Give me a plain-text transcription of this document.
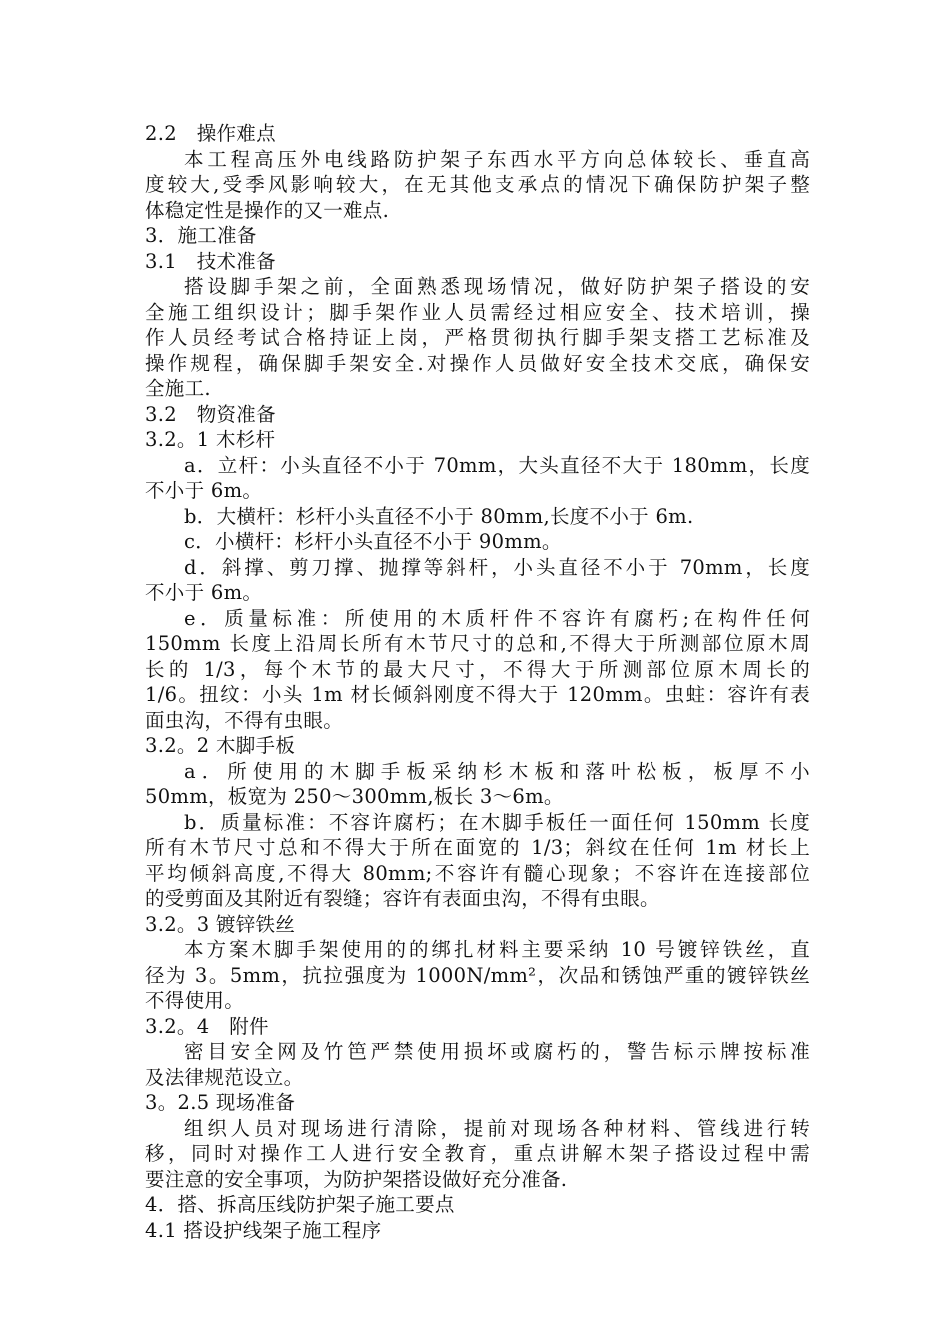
2.2　操作难点
本工程高压外电线路防护架子东西水平方向总体较长、垂直高
度较大,受季风影响较大，在无其他支承点的情况下确保防护架子整
体稳定性是操作的又一难点.
3．施工准备
3.1　技术准备
搭设脚手架之前，全面熟悉现场情况，做好防护架子搭设的安
全施工组织设计；脚手架作业人员需经过相应安全、技术培训，操
作人员经考试合格持证上岗，严格贯彻执行脚手架支搭工艺标准及
操作规程，确保脚手架安全.对操作人员做好安全技术交底，确保安
全施工.
3.2　物资准备
3.2。1 木杉杆
a．立杆：小头直径不小于 70mm，大头直径不大于 180mm，长度
不小于 6m。
b．大横杆：杉杆小头直径不小于 80mm,长度不小于 6m.
c．小横杆：杉杆小头直径不小于 90mm。
d．斜撑、剪刀撑、抛撑等斜杆，小头直径不小于 70mm，长度
不小于 6m。
e．质量标准：所使用的木质杆件不容许有腐朽;在构件任何
150mm 长度上沿周长所有木节尺寸的总和,不得大于所测部位原木周
长的 1/3，每个木节的最大尺寸，不得大于所测部位原木周长的
1/6。扭纹：小头 1m 材长倾斜刚度不得大于 120mm。虫蛀：容许有表
面虫沟，不得有虫眼。
3.2。2 木脚手板
a．所使用的木脚手板采纳杉木板和落叶松板，板厚不小
50mm，板宽为 250～300mm,板长 3～6m。
b．质量标准：不容许腐朽；在木脚手板任一面任何 150mm 长度
所有木节尺寸总和不得大于所在面宽的 1/3；斜纹在任何 1m 材长上
平均倾斜高度,不得大 80mm;不容许有髓心现象；不容许在连接部位
的受剪面及其附近有裂缝；容许有表面虫沟，不得有虫眼。
3.2。3 镀锌铁丝
本方案木脚手架使用的的绑扎材料主要采纳 10 号镀锌铁丝，直
径为 3。5mm，抗拉强度为 1000N/mm²，次品和锈蚀严重的镀锌铁丝
不得使用。
3.2。4　附件
密目安全网及竹笆严禁使用损坏或腐朽的，警告标示牌按标准
及法律规范设立。
3。2.5 现场准备
组织人员对现场进行清除，提前对现场各种材料、管线进行转
移，同时对操作工人进行安全教育，重点讲解木架子搭设过程中需
要注意的安全事项，为防护架搭设做好充分准备.
4．搭、拆高压线防护架子施工要点
4.1 搭设护线架子施工程序
